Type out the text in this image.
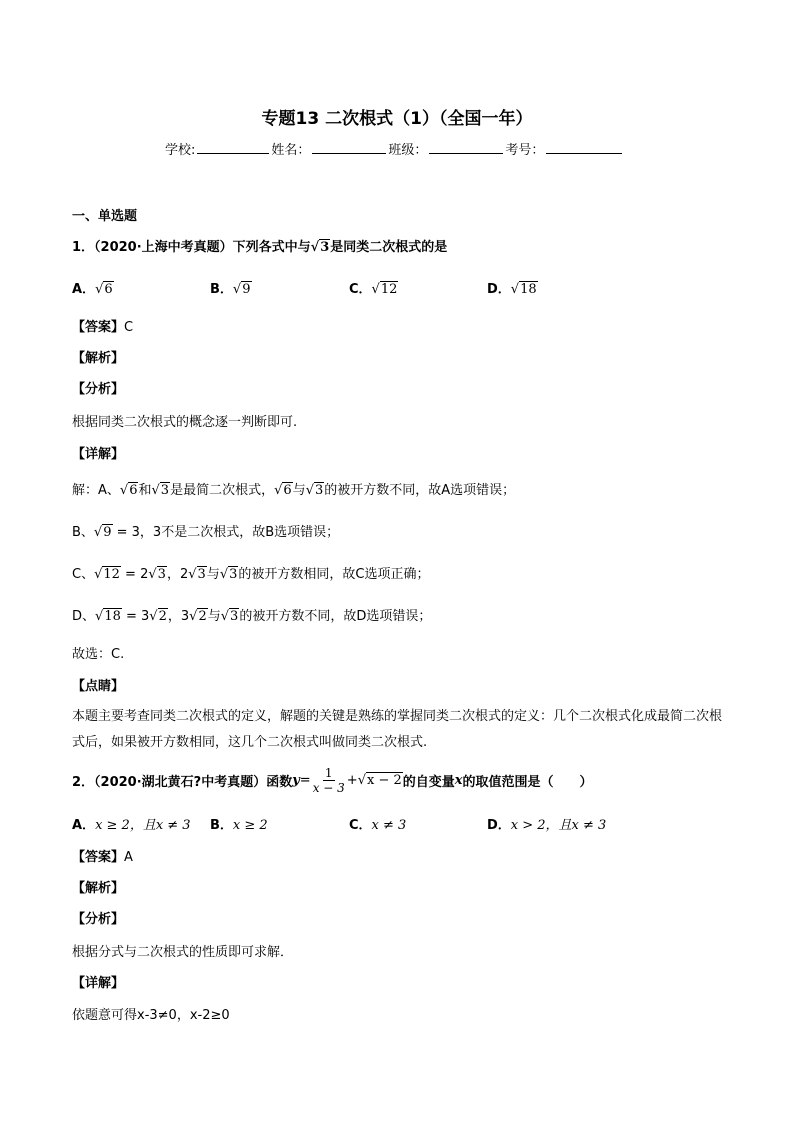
专题13 二次根式（1）（全国一年）
学校:	姓名：	班级：	考号：
一、单选题
1．（2020·上海中考真题）下列各式中与√3是同类二次根式的是
A．√6	B．√9	C．√12	D．√18
【答案】C
【解析】
【分析】
根据同类二次根式的概念逐一判断即可.
【详解】
解：A、√6和√3是最简二次根式，√6与√3的被开方数不同，故A选项错误；
B、√9 = 3，3不是二次根式，故B选项错误；
C、√12 = 2√3，2√3与√3的被开方数相同，故C选项正确；
D、√18 = 3√2，3√2与√3的被开方数不同，故D选项错误；
故选：C.
【点睛】
本题主要考查同类二次根式的定义，解题的关键是熟练的掌握同类二次根式的定义：几个二次根式化成最简二次根式后，如果被开方数相同，这几个二次根式叫做同类二次根式.
2．（2020·湖北黄石?中考真题）函数 $y = \frac{1}{x - 3} + √x - 2$ 的自变量 x 的取值范围是（　　）
A．x ≥ 2，且x ≠ 3 B．x ≥ 2	C．x ≠ 3	D．x > 2，且x ≠ 3
【答案】A
【解析】
【分析】
根据分式与二次根式的性质即可求解．
【详解】
依题意可得x-3≠0，x-2≥0
